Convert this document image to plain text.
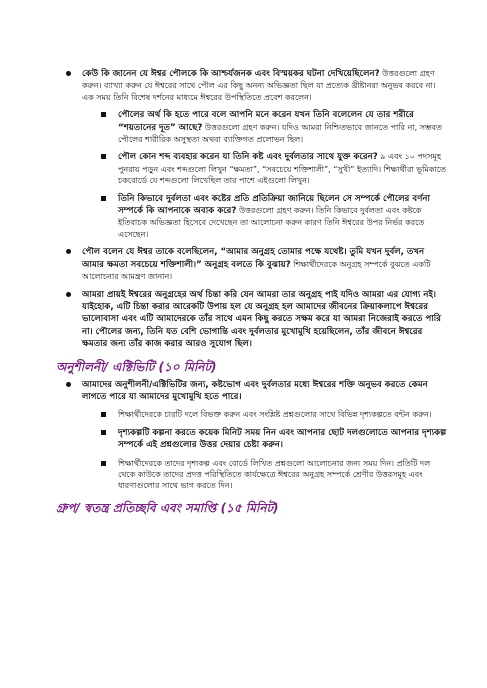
কেউ কি জানেন যে ঈশ্বর পৌলকে কি আশ্চর্যজনক এবং বিস্ময়কর ঘটনা দেখিয়েছিলেন? উত্তরগুলো গ্রহণ করুন। ব্যাখ্যা করুন যে ঈশ্বরের সাথে পৌল এর কিছু অনন্য অভিজ্ঞতা ছিল যা প্রত্যেক খ্রীষ্টানরা অনুভব করবে না। এক সময় তিনি বিশেষ দর্শনের মাধ্যমে ঈশ্বরের উপস্থিতিতে প্রবেশ করলেন।
পৌলের অর্থ কি হতে পারে বলে আপনি মনে করেন যখন তিনি বলেলেন যে তার শরীরে “শয়তানের দূত” আছে? উত্তরগুলো গ্রহণ করুন। যদিও আমরা নিশ্চিতভাবে জানতে পারি না, সম্ভবত পৌলের শারীরিক অসুস্থতা অথবা ব্যাক্তিগত প্রলোভন ছিল।
পৌল কোন শব্দ ব্যবহার করেন যা তিনি কষ্ট এবং দুর্বলতার সাথে যুক্ত করেন? ৯ এবং ১০ পদসমূহ পুনরায় পড়ুন এবং শব্দগুলো লিখুন “ক্ষমতা”, “সবচেয়ে শক্তিশালী”, “সুখী” ইত্যাদি। শিক্ষার্থীরা ভূমিকাতে চকবোর্ডে যে শব্দগুলো লিখেছিল তার পাশে এইগুলো লিখুন।
তিনি কিভাবে দুর্বলতা এবং কষ্টের প্রতি প্রতিক্রিয়া জানিয়ে ছিলেন সে সম্পর্কে পৌলের বর্ণনা সম্পর্কে কি আপনাকে অবাক করে? উত্তরগুলো গ্রহণ করুন। তিনি কিভাবে দুর্বলতা এবং কষ্টকে ইতিবাচক অভিজ্ঞতা হিসেবে দেখেছেন তা আলোচনা করুন কারণ তিনি ঈশ্বরের উপর নির্ভর করতে এসেছেন।
পৌল বলেন যে ঈশ্বর তাকে বলেছিলেন, “আমার অনুগ্রহ তোমার পক্ষে যথেষ্ট। তুমি যখন দুর্বল, তখন আমার ক্ষমতা সবচেয়ে শক্তিশালী।” অনুগ্রহ বলতে কি বুঝায়? শিক্ষার্থীদেরকে অনুগ্রহ সম্পর্কে বুঝতে একটি আলোচনার আমন্ত্রণ জানান।
আমরা প্রায়ই ঈশ্বরের অনুগ্রহের অর্থ চিন্তা করি যেন আমরা তার অনুগ্রহ পাই যদিও আমরা এর যোগ্য নই। যাইহোক, এটি চিন্তা করার আরেকটি উপায় হল যে অনুগ্রহ হল আমাদের জীবনের ক্রিয়াকলাপে ঈশ্বরের ভালোবাসা এবং এটি আমাদেরকে তাঁর সাথে এমন কিছু করতে সক্ষম করে যা আমরা নিজেরাই করতে পারি না। পৌলের জন্য, তিনি যত বেশি ভোগান্তি এবং দুর্বলতার মুখোমুখি হয়েছিলেন, তাঁর জীবনে ঈশ্বরের ক্ষমতার জন্য তাঁর কাজ করার আরও সুযোগ ছিল।
অনুশীলনী/ এক্টিভিটি (১০ মিনিট)
আমাদের অনুশীলনী/এক্টিভিটির জন্য, কষ্টভোগ এবং দুর্বলতার মধ্যে ঈশ্বরের শক্তি অনুভব করতে কেমন লাগতে পারে যা আমাদের মুখোমুখি হতে পারে।
শিক্ষার্থীদেরকে চারটি দলে বিভক্ত করুন এবং সংশ্লিষ্ট প্রশ্নগুলোর সাথে বিভিন্ন দৃশ্যকল্পতে বন্টন করুন।
দৃশ্যকল্পটি কল্পনা করতে কয়েক মিনিট সময় নিন এবং আপনার ছোট দলগুলোতে আপনার দৃশ্যকল্প সম্পর্কে এই প্রশ্নগুলোর উত্তর দেয়ার চেষ্টা করুন।
শিক্ষার্থীদেরকে তাদের দৃশ্যকল্প এবং বোর্ডে লিখিত প্রশ্নগুলো আলোচনার জন্য সময় দিন। প্রতিটি দল থেকে কাউকে তাদের প্রদত্ত পরিস্থিতিতে কার্যক্ষেত্রে ঈশ্বরের অনুগ্রহ সম্পর্কে শ্রেণীর উত্তরসমূহ এবং ধারণাগুলোর সাথে ভাগ করতে দিন।
গ্রুপ/ স্বতন্ত্র প্রতিচ্ছবি এবং সমাপ্তি (১৫ মিনিট)
